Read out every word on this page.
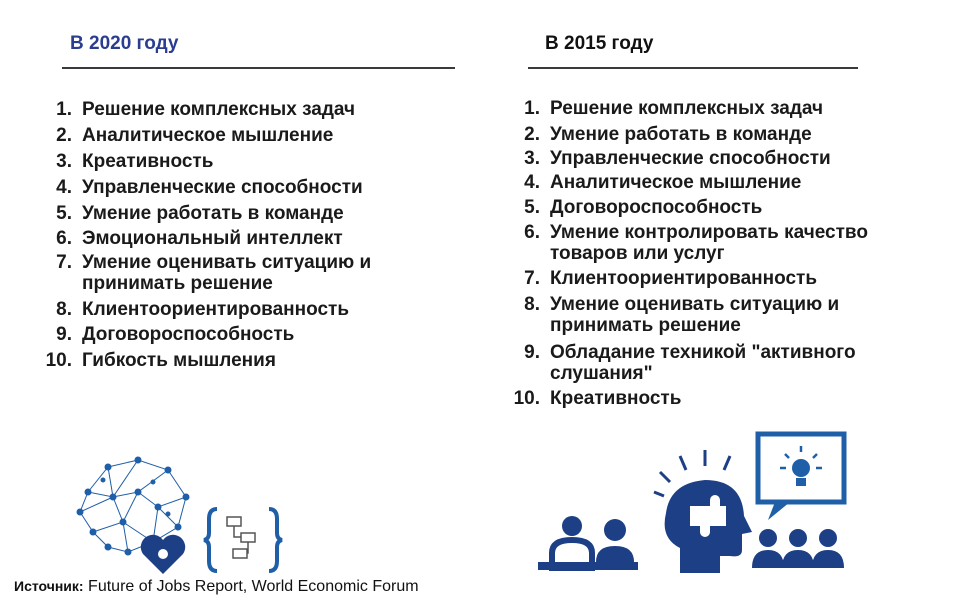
В 2020 году
1. Решение комплексных задач
2. Аналитическое мышление
3. Креативность
4. Управленческие способности
5. Умение работать в команде
6. Эмоциональный интеллект
7. Умение оценивать ситуацию и принимать решение
8. Клиентоориентированность
9. Договороспособность
10. Гибкость мышления
В 2015 году
1. Решение комплексных задач
2. Умение работать в команде
3. Управленческие способности
4. Аналитическое мышление
5. Договороспособность
6. Умение контролировать качество товаров или услуг
7. Клиентоориентированность
8. Умение оценивать ситуацию и принимать решение
9. Обладание техникой "активного слушания"
10. Креативность
Источник: Future of Jobs Report, World Economic Forum
